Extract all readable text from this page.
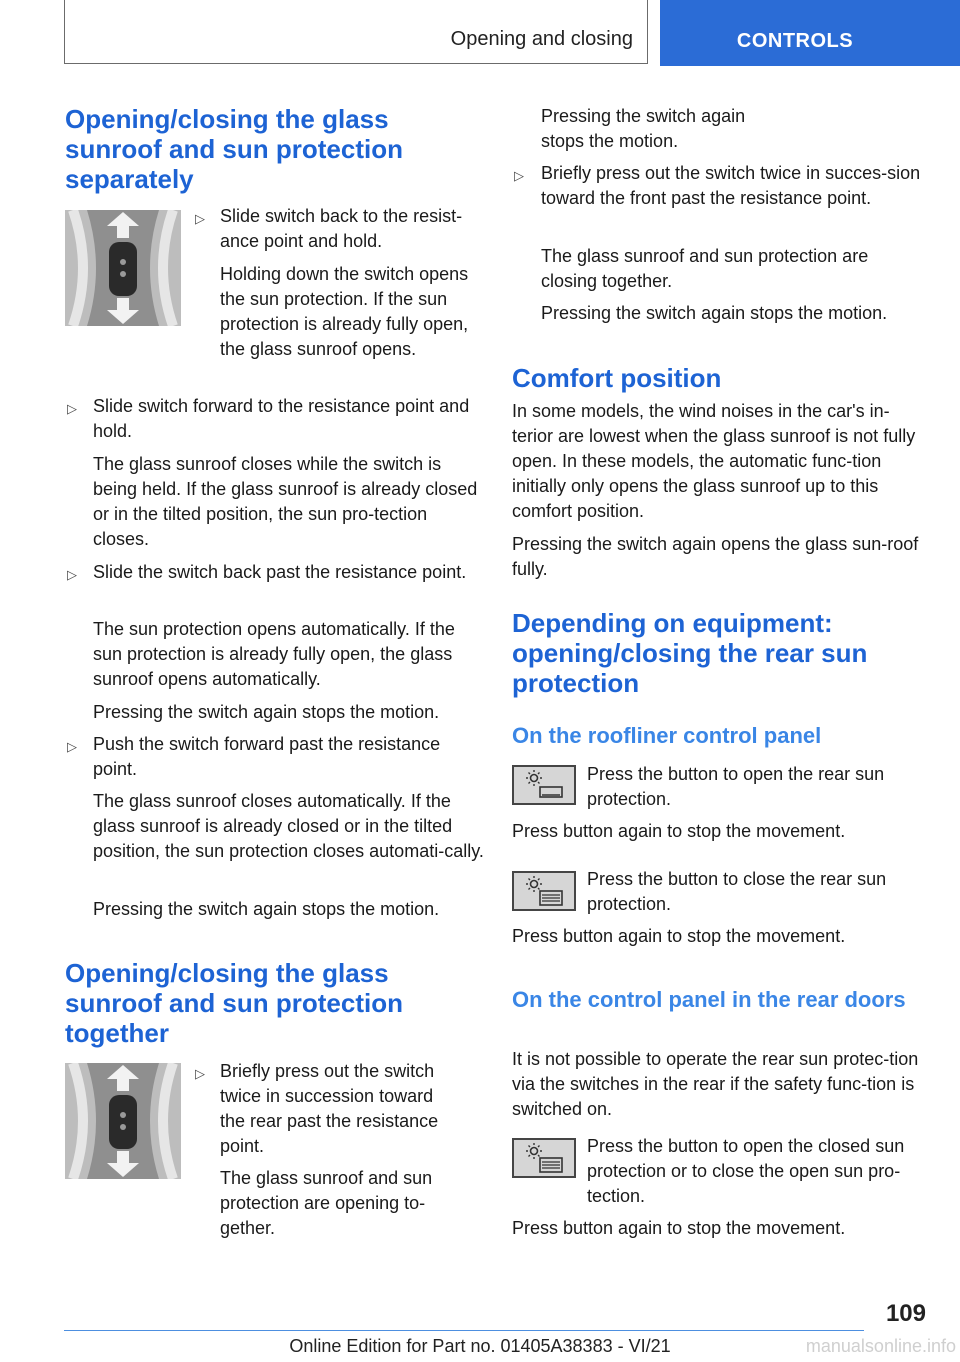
Opening and closing	CONTROLS
Opening/closing the glass sunroof and sun protection separately
▷ Slide switch back to the resist-ance point and hold.

Holding down the switch opens the sun protection. If the sun protection is already fully open, the glass sunroof opens.

▷ Slide switch forward to the resistance point and hold.

The glass sunroof closes while the switch is being held. If the glass sunroof is already closed or in the tilted position, the sun pro-tection closes.

▷ Slide the switch back past the resistance point.

The sun protection opens automatically. If the sun protection is already fully open, the glass sunroof opens automatically.

Pressing the switch again stops the motion.

▷ Push the switch forward past the resistance point.

The glass sunroof closes automatically. If the glass sunroof is already closed or in the tilted position, the sun protection closes automati-cally.

Pressing the switch again stops the motion.

Opening/closing the glass sunroof and sun protection together
▷ Briefly press out the switch twice in succession toward the rear past the resistance point.

The glass sunroof and sun protection are opening to-gether.

Pressing the switch again stops the motion.

▷ Briefly press out the switch twice in succes-sion toward the front past the resistance point.

The glass sunroof and sun protection are closing together.

Pressing the switch again stops the motion.

Comfort position

In some models, the wind noises in the car's in-terior are lowest when the glass sunroof is not fully open. In these models, the automatic func-tion initially only opens the glass sunroof up to this comfort position.

Pressing the switch again opens the glass sun-roof fully.

Depending on equipment: opening/closing the rear sun protection
On the roofliner control panel

Press the button to open the rear sun protection.

Press button again to stop the movement.

Press the button to close the rear sun protection.

Press button again to stop the movement.

On the control panel in the rear doors

It is not possible to operate the rear sun protec-tion via the switches in the rear if the safety func-tion is switched on.

Press the button to open the closed sun protection or to close the open sun pro-tection.

Press button again to stop the movement.

109
Online Edition for Part no. 01405A38383 - VI/21	manualsonline.info
